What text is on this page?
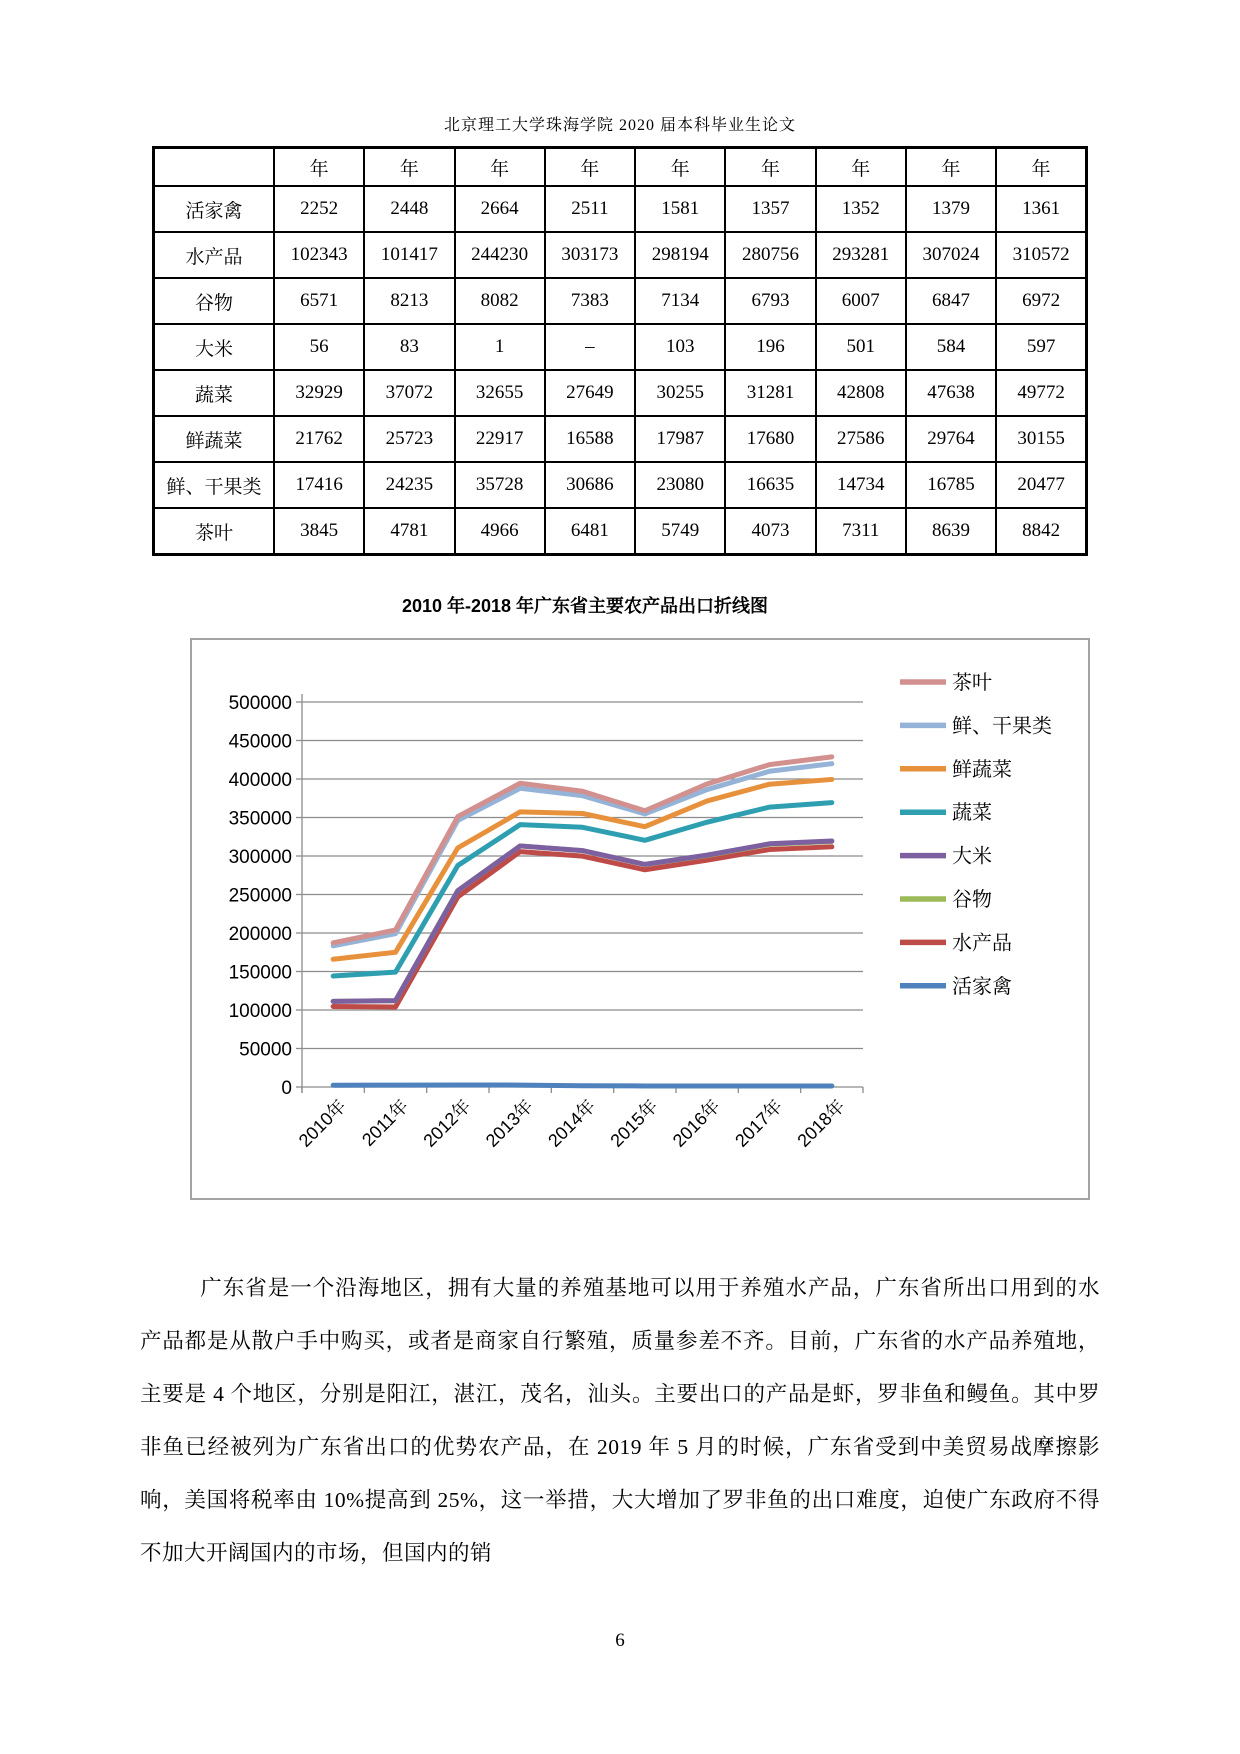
北京理工大学珠海学院 2020 届本科毕业生论文
	年	年	年	年	年	年	年	年	年
活家禽	2252	2448	2664	2511	1581	1357	1352	1379	1361
水产品	102343	101417	244230	303173	298194	280756	293281	307024	310572
谷物	6571	8213	8082	7383	7134	6793	6007	6847	6972
大米	56	83	1	–	103	196	501	584	597
蔬菜	32929	37072	32655	27649	30255	31281	42808	47638	49772
鲜蔬菜	21762	25723	22917	16588	17987	17680	27586	29764	30155
鲜、干果类	17416	24235	35728	30686	23080	16635	14734	16785	20477
茶叶	3845	4781	4966	6481	5749	4073	7311	8639	8842
2010 年-2018 年广东省主要农产品出口折线图
0
50000
100000
150000
200000
250000
300000
350000
400000
450000
500000
2010年 2011年 2012年 2013年 2014年 2015年 2016年 2017年 2018年
茶叶
鲜、干果类
鲜蔬菜
蔬菜
大米
谷物
水产品
活家禽
广东省是一个沿海地区，拥有大量的养殖基地可以用于养殖水产品，广东省所出口用到的水产品都是从散户手中购买，或者是商家自行繁殖，质量参差不齐。目前，广东省的水产品养殖地，主要是 4 个地区，分别是阳江，湛江，茂名，汕头。主要出口的产品是虾，罗非鱼和鳗鱼。其中罗非鱼已经被列为广东省出口的优势农产品，在 2019 年 5 月的时候，广东省受到中美贸易战摩擦影响，美国将税率由 10%提高到 25%，这一举措，大大增加了罗非鱼的出口难度，迫使广东政府不得不加大开阔国内的市场，但国内的销
6
